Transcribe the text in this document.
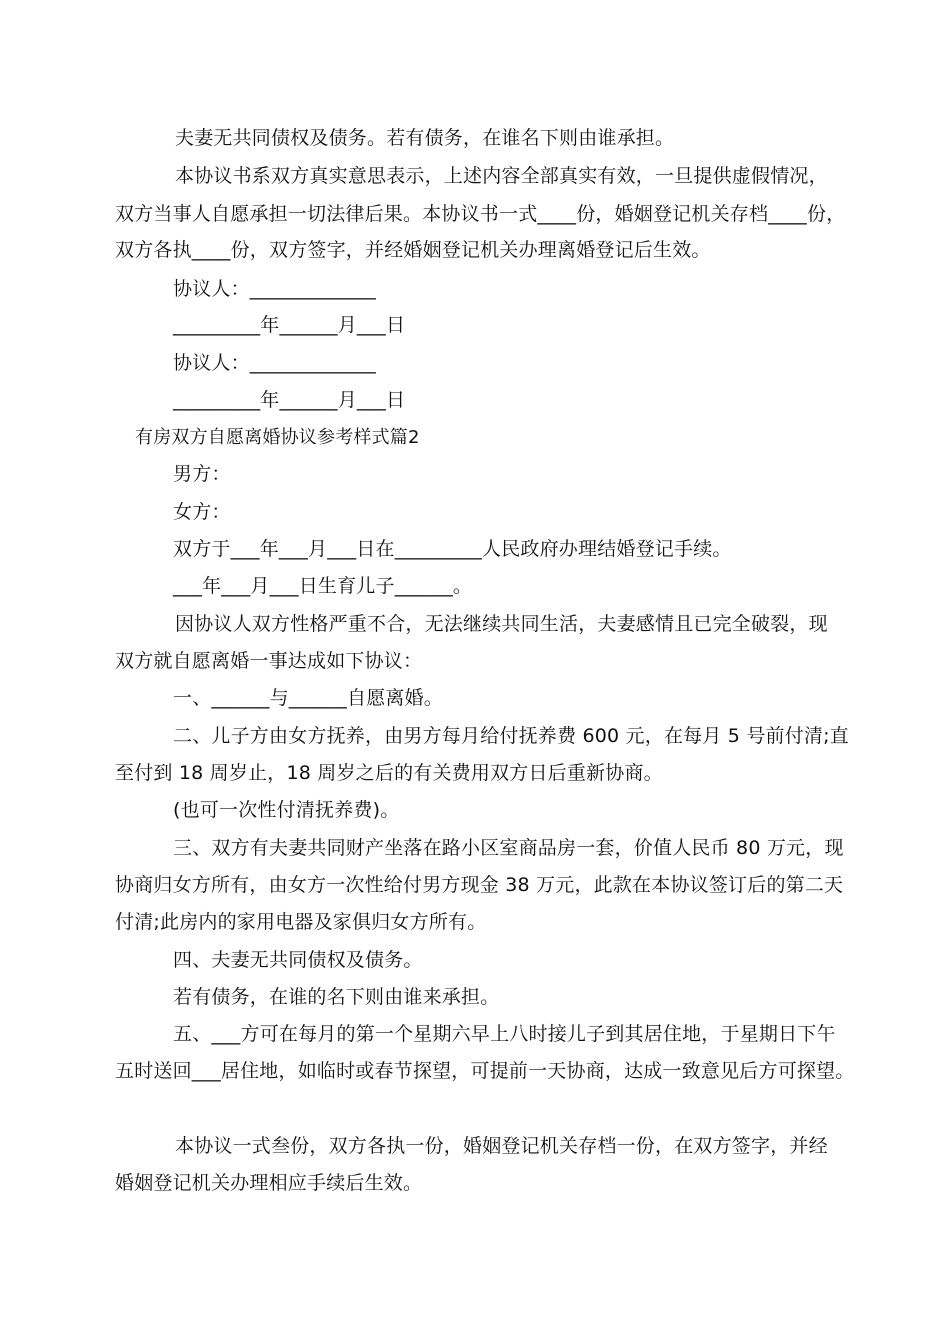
夫妻无共同债权及债务。若有债务，在谁名下则由谁承担。
本协议书系双方真实意思表示，上述内容全部真实有效，一旦提供虚假情况，
双方当事人自愿承担一切法律后果。本协议书一式____份，婚姻登记机关存档____份，
双方各执____份，双方签字，并经婚姻登记机关办理离婚登记后生效。
协议人：_____________
_________年______月___日
协议人：_____________
_________年______月___日
有房双方自愿离婚协议参考样式篇2
男方：
女方：
双方于___年___月___日在_________人民政府办理结婚登记手续。
___年___月___日生育儿子______。
因协议人双方性格严重不合，无法继续共同生活，夫妻感情且已完全破裂，现
双方就自愿离婚一事达成如下协议：
一、______与______自愿离婚。
二、儿子方由女方抚养，由男方每月给付抚养费 600 元，在每月 5 号前付清;直
至付到 18 周岁止，18 周岁之后的有关费用双方日后重新协商。
(也可一次性付清抚养费)。
三、双方有夫妻共同财产坐落在路小区室商品房一套，价值人民币 80 万元，现
协商归女方所有，由女方一次性给付男方现金 38 万元，此款在本协议签订后的第二天
付清;此房内的家用电器及家俱归女方所有。
四、夫妻无共同债权及债务。
若有债务，在谁的名下则由谁来承担。
五、___方可在每月的第一个星期六早上八时接儿子到其居住地，于星期日下午
五时送回___居住地，如临时或春节探望，可提前一天协商，达成一致意见后方可探望。
本协议一式叁份，双方各执一份，婚姻登记机关存档一份，在双方签字，并经
婚姻登记机关办理相应手续后生效。
